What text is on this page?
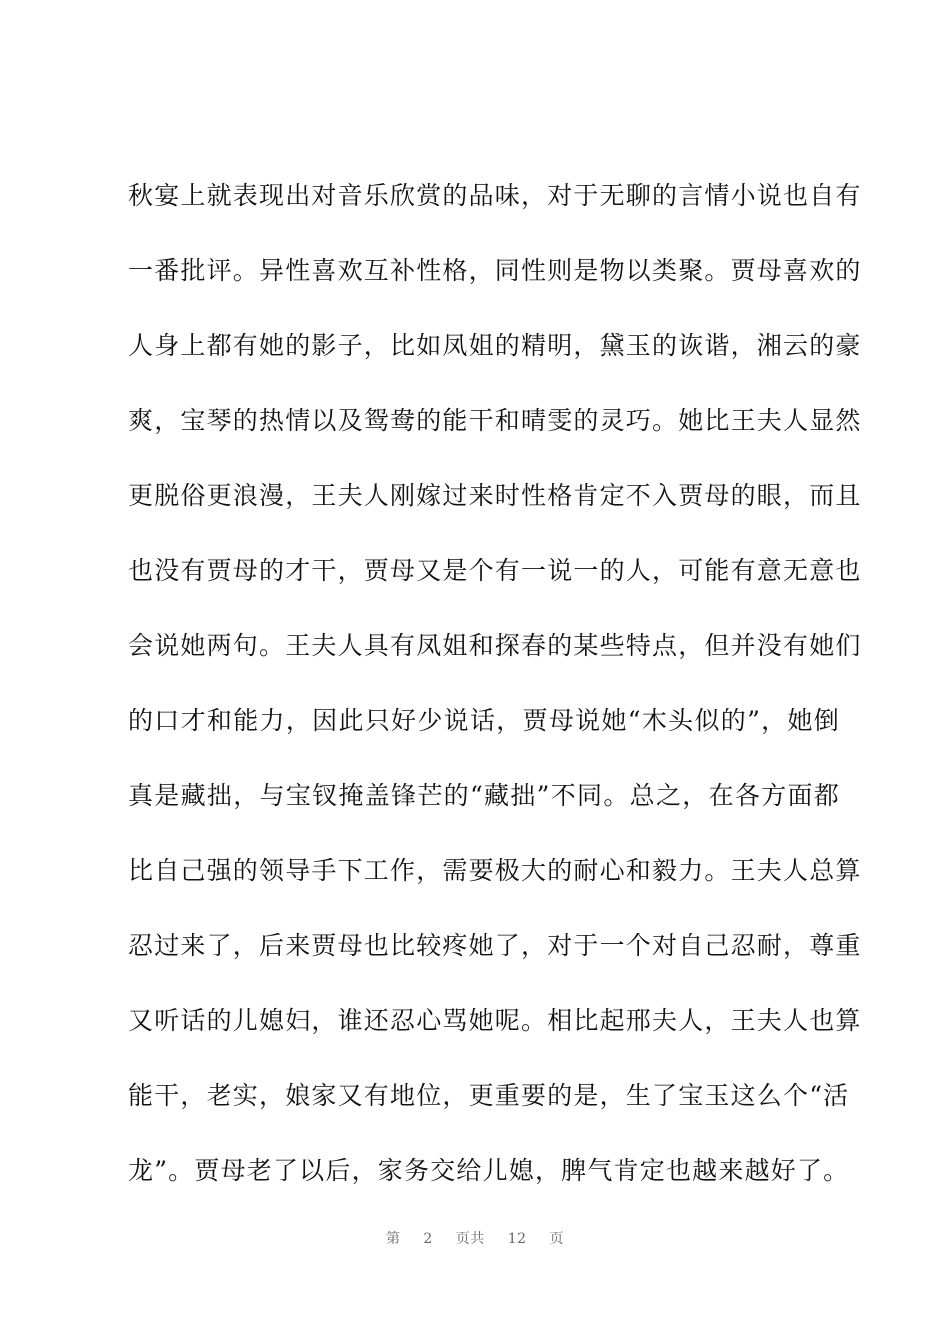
秋宴上就表现出对音乐欣赏的品味，对于无聊的言情小说也自有
一番批评。异性喜欢互补性格，同性则是物以类聚。贾母喜欢的
人身上都有她的影子，比如凤姐的精明，黛玉的诙谐，湘云的豪
爽，宝琴的热情以及鸳鸯的能干和晴雯的灵巧。她比王夫人显然
更脱俗更浪漫，王夫人刚嫁过来时性格肯定不入贾母的眼，而且
也没有贾母的才干，贾母又是个有一说一的人，可能有意无意也
会说她两句。王夫人具有凤姐和探春的某些特点，但并没有她们
的口才和能力，因此只好少说话，贾母说她“木头似的”，她倒
真是藏拙，与宝钗掩盖锋芒的“藏拙”不同。总之，在各方面都
比自己强的领导手下工作，需要极大的耐心和毅力。王夫人总算
忍过来了，后来贾母也比较疼她了，对于一个对自己忍耐，尊重
又听话的儿媳妇，谁还忍心骂她呢。相比起邢夫人，王夫人也算
能干，老实，娘家又有地位，更重要的是，生了宝玉这么个“活
龙”。贾母老了以后，家务交给儿媳，脾气肯定也越来越好了。
第 2 页共 12 页
